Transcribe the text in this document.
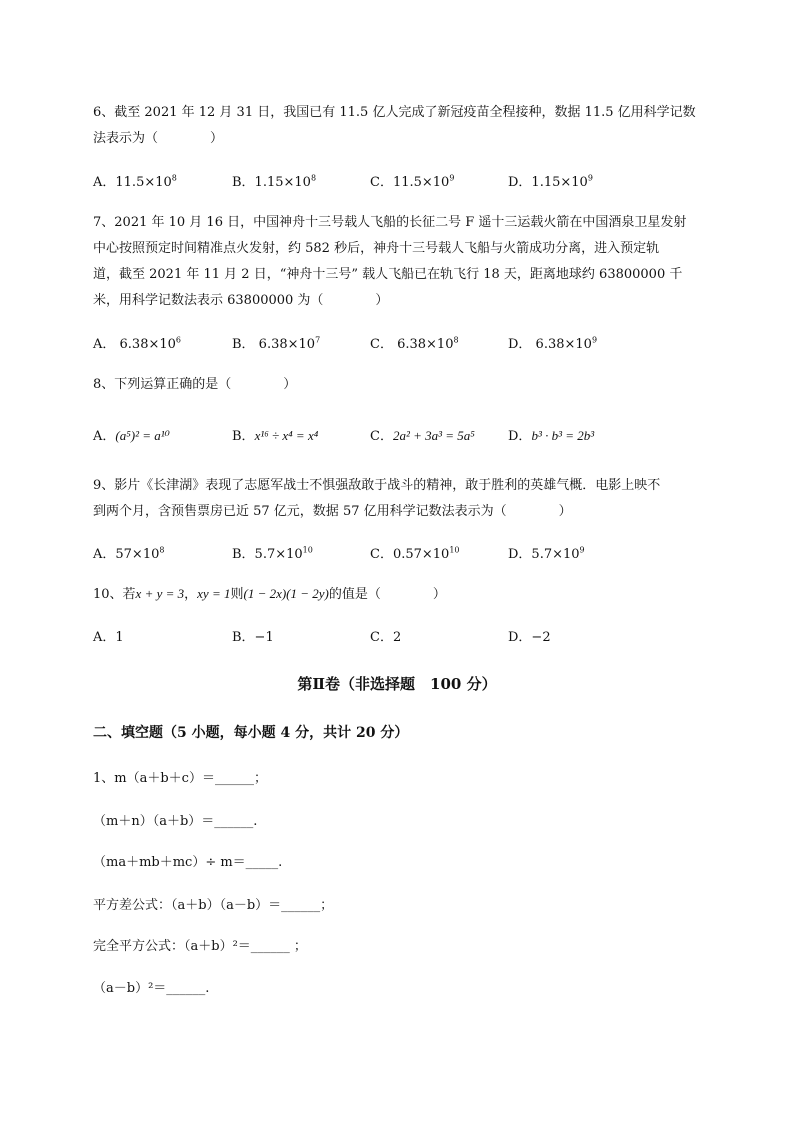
6、截至 2021 年 12 月 31 日，我国已有 11.5 亿人完成了新冠疫苗全程接种，数据 11.5 亿用科学记数
法表示为（　　　　）
A．$11.5\times 10^8$	B．$1.15\times 10^8$	C．$11.5\times 10^9$	D．$1.15\times 10^9$
7、2021 年 10 月 16 日，中国神舟十三号载人飞船的长征二号 F 遥十三运载火箭在中国酒泉卫星发射
中心按照预定时间精准点火发射，约 582 秒后，神舟十三号载人飞船与火箭成功分离，进入预定轨
道，截至 2021 年 11 月 2 日，“神舟十三号” 载人飞船已在轨飞行 18 天，距离地球约 63800000 千
米，用科学记数法表示 63800000 为（　　　　）
A． $6.38\times 10^6$	B． $6.38\times 10^7$	C． $6.38\times 10^8$	D． $6.38\times 10^9$
8、下列运算正确的是（　　　　）
A．(a⁵)² = a¹⁰	B．x¹⁶ ÷ x⁴ = x⁴	C．2a² + 3a³ = 5a⁵	D．b³ · b³ = 2b³
9、影片《长津湖》表现了志愿军战士不惧强敌敢于战斗的精神，敢于胜利的英雄气概．电影上映不
到两个月，含预售票房已近 57 亿元，数据 57 亿用科学记数法表示为（　　　　）
A．$57\times 10^8$	B．$5.7\times 10^{10}$	C．$0.57\times 10^{10}$	D．$5.7\times 10^9$
10、若x + y = 3，xy = 1则(1 − 2x)(1 − 2y)的值是（　　　　）
A．1	B．−1	C．2	D．−2
第Ⅱ卷（非选择题　100 分）
二、填空题（5 小题，每小题 4 分，共计 20 分）
1、m（a＋b＋c）＝______；
（m＋n）（a＋b）＝______.
（ma＋mb＋mc）÷ m＝_____.
平方差公式：（a＋b）（a－b）＝______；
完全平方公式：（a＋b）²＝______ ；
（a－b）²＝______.
